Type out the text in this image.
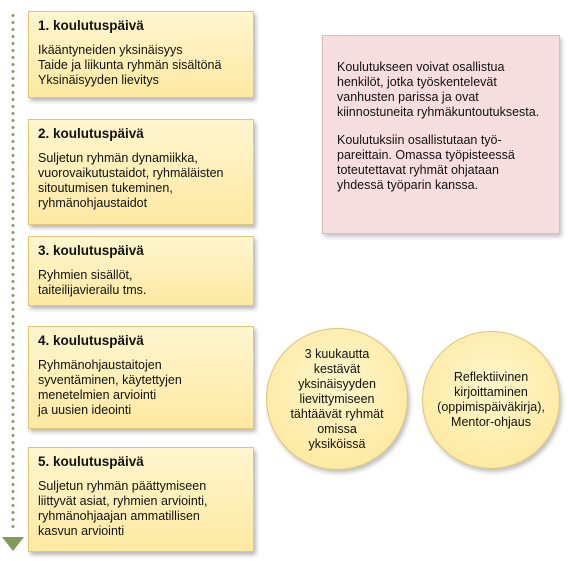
1. koulutuspäivä
Ikääntyneiden yksinäisyys
Taide ja liikunta ryhmän sisältönä
Yksinäisyyden lievitys
2. koulutuspäivä
Suljetun ryhmän dynamiikka,
vuorovaikutustaidot, ryhmäläisten
sitoutumisen tukeminen,
ryhmänohjaustaidot
3. koulutuspäivä
Ryhmien sisällöt,
taiteilijavierailu tms.
4. koulutuspäivä
Ryhmänohjaustaitojen
syventäminen, käytettyjen
menetelmien arviointi
ja uusien ideointi
5. koulutuspäivä
Suljetun ryhmän päättymiseen
liittyvät asiat, ryhmien arviointi,
ryhmänohjaajan ammatillisen
kasvun arviointi

Koulutukseen voivat osallistua
henkilöt, jotka työskentelevät
vanhusten parissa ja ovat
kiinnostuneita ryhmäkuntoutuksesta.

Koulutuksiin osallistutaan työ-
pareittain. Omassa työpisteessä
toteutettavat ryhmät ohjataan
yhdessä työparin kanssa.

3 kuukautta
kestävät
yksinäisyyden
lievittymiseen
tähtäävät ryhmät
omissa
yksiköissä
Reflektiivinen
kirjoittaminen
(oppimispäiväkirja),
Mentor-ohjaus
